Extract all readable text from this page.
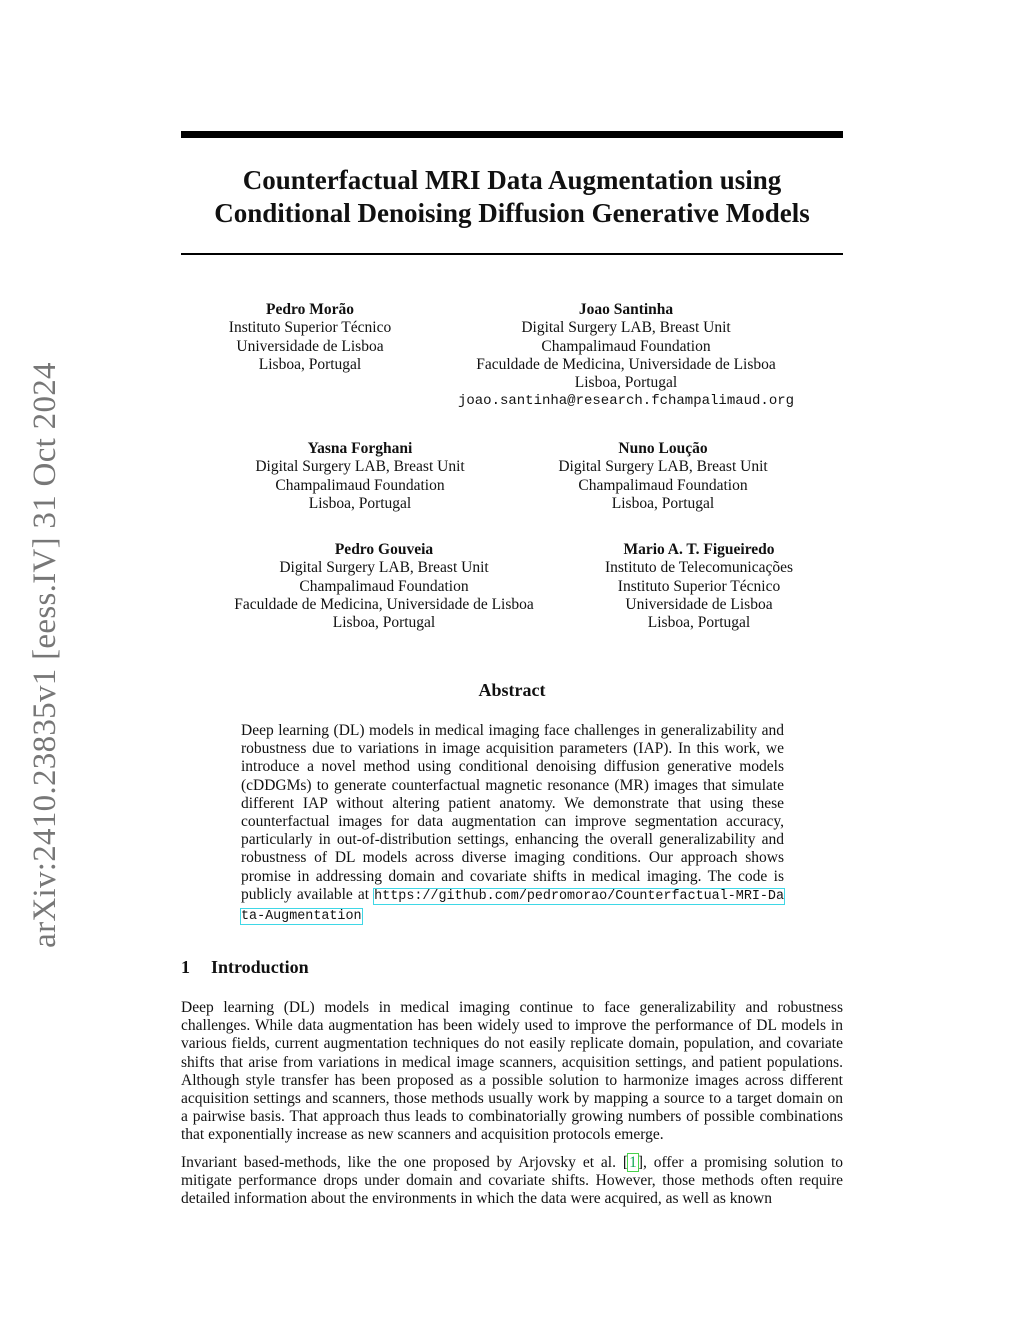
arXiv:2410.23835v1 [eess.IV] 31 Oct 2024
Counterfactual MRI Data Augmentation using
Conditional Denoising Diffusion Generative Models
Pedro Morão
Instituto Superior Técnico
Universidade de Lisboa
Lisboa, Portugal
Joao Santinha
Digital Surgery LAB, Breast Unit
Champalimaud Foundation
Faculdade de Medicina, Universidade de Lisboa
Lisboa, Portugal
joao.santinha@research.fchampalimaud.org
Yasna Forghani
Digital Surgery LAB, Breast Unit
Champalimaud Foundation
Lisboa, Portugal
Nuno Loução
Digital Surgery LAB, Breast Unit
Champalimaud Foundation
Lisboa, Portugal
Pedro Gouveia
Digital Surgery LAB, Breast Unit
Champalimaud Foundation
Faculdade de Medicina, Universidade de Lisboa
Lisboa, Portugal
Mario A. T. Figueiredo
Instituto de Telecomunicações
Instituto Superior Técnico
Universidade de Lisboa
Lisboa, Portugal
Abstract
Deep learning (DL) models in medical imaging face challenges in generalizability and robustness due to variations in image acquisition parameters (IAP). In this work, we introduce a novel method using conditional denoising diffusion generative models (cDDGMs) to generate counterfactual magnetic resonance (MR) images that simulate different IAP without altering patient anatomy. We demonstrate that using these counterfactual images for data augmentation can improve segmentation accuracy, particularly in out-of-distribution settings, enhancing the overall generalizability and robustness of DL models across diverse imaging conditions. Our approach shows promise in addressing domain and covariate shifts in medical imaging. The code is publicly available at https://github.com/pedromorao/Counterfactual-MRI-Data-Augmentation
1 Introduction
Deep learning (DL) models in medical imaging continue to face generalizability and robustness challenges. While data augmentation has been widely used to improve the performance of DL models in various fields, current augmentation techniques do not easily replicate domain, population, and covariate shifts that arise from variations in medical image scanners, acquisition settings, and patient populations. Although style transfer has been proposed as a possible solution to harmonize images across different acquisition settings and scanners, those methods usually work by mapping a source to a target domain on a pairwise basis. That approach thus leads to combinatorially growing numbers of possible combinations that exponentially increase as new scanners and acquisition protocols emerge.
Invariant based-methods, like the one proposed by Arjovsky et al. [1], offer a promising solution to mitigate performance drops under domain and covariate shifts. However, those methods often require detailed information about the environments in which the data were acquired, as well as known
